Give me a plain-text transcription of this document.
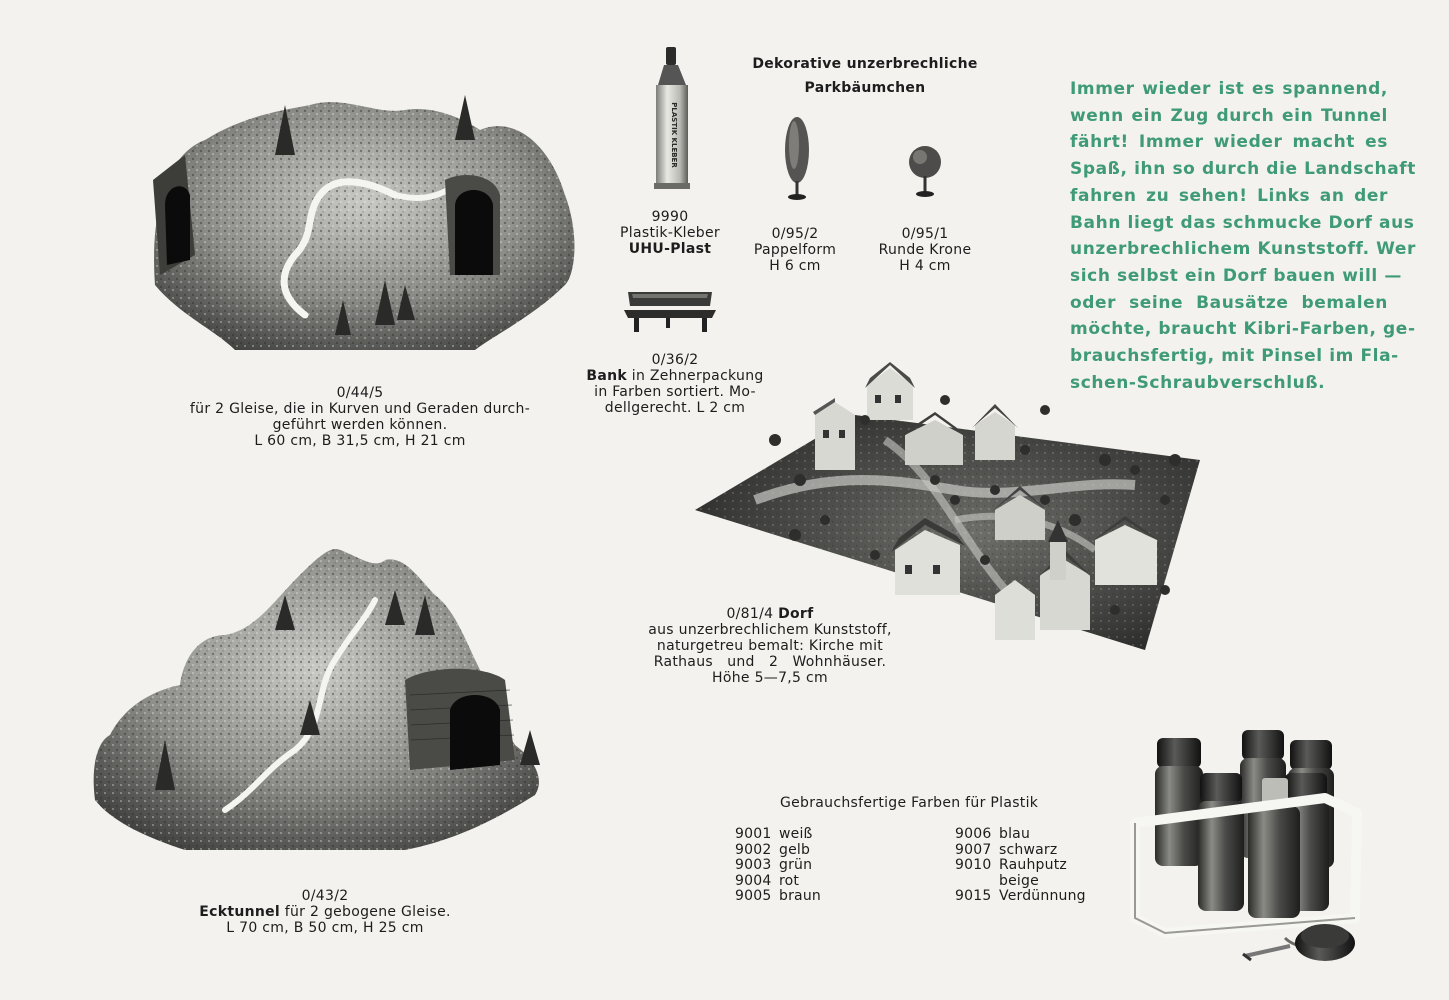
0/44/5
für 2 Gleise, die in Kurven und Geraden durch-
geführt werden können.
L 60 cm, B 31,5 cm, H 21 cm
0/43/2
Ecktunnel für 2 gebogene Gleise.
L 70 cm, B 50 cm, H 25 cm
PLASTIK KLEBER
9990
Plastik-Kleber
UHU-Plast
Dekorative unzerbrechliche
Parkbäumchen
0/95/2
Pappelform
H 6 cm
0/95/1
Runde Krone
H 4 cm
0/36/2
Bank in Zehnerpackung
in Farben sortiert. Mo-
dellgerecht. L 2 cm
Immer wieder ist es spannend,
wenn ein Zug durch ein Tunnel
fährt! Immer wieder macht es
Spaß, ihn so durch die Landschaft
fahren zu sehen! Links an der
Bahn liegt das schmucke Dorf aus
unzerbrechlichem Kunststoff. Wer
sich selbst ein Dorf bauen will —
oder seine Bausätze bemalen
möchte, braucht Kibri-Farben, ge-
brauchsfertig, mit Pinsel im Fla-
schen-Schraubverschluß.
0/81/4 Dorf
aus unzerbrechlichem Kunststoff,
naturgetreu bemalt: Kirche mit
Rathaus   und   2   Wohnhäuser.
Höhe 5—7,5 cm
Gebrauchsfertige Farben für Plastik
9001 weiß
9002 gelb
9003 grün
9004 rot
9005 braun
9006 blau
9007 schwarz
9010 Rauhputz
beige
9015 Verdünnung
